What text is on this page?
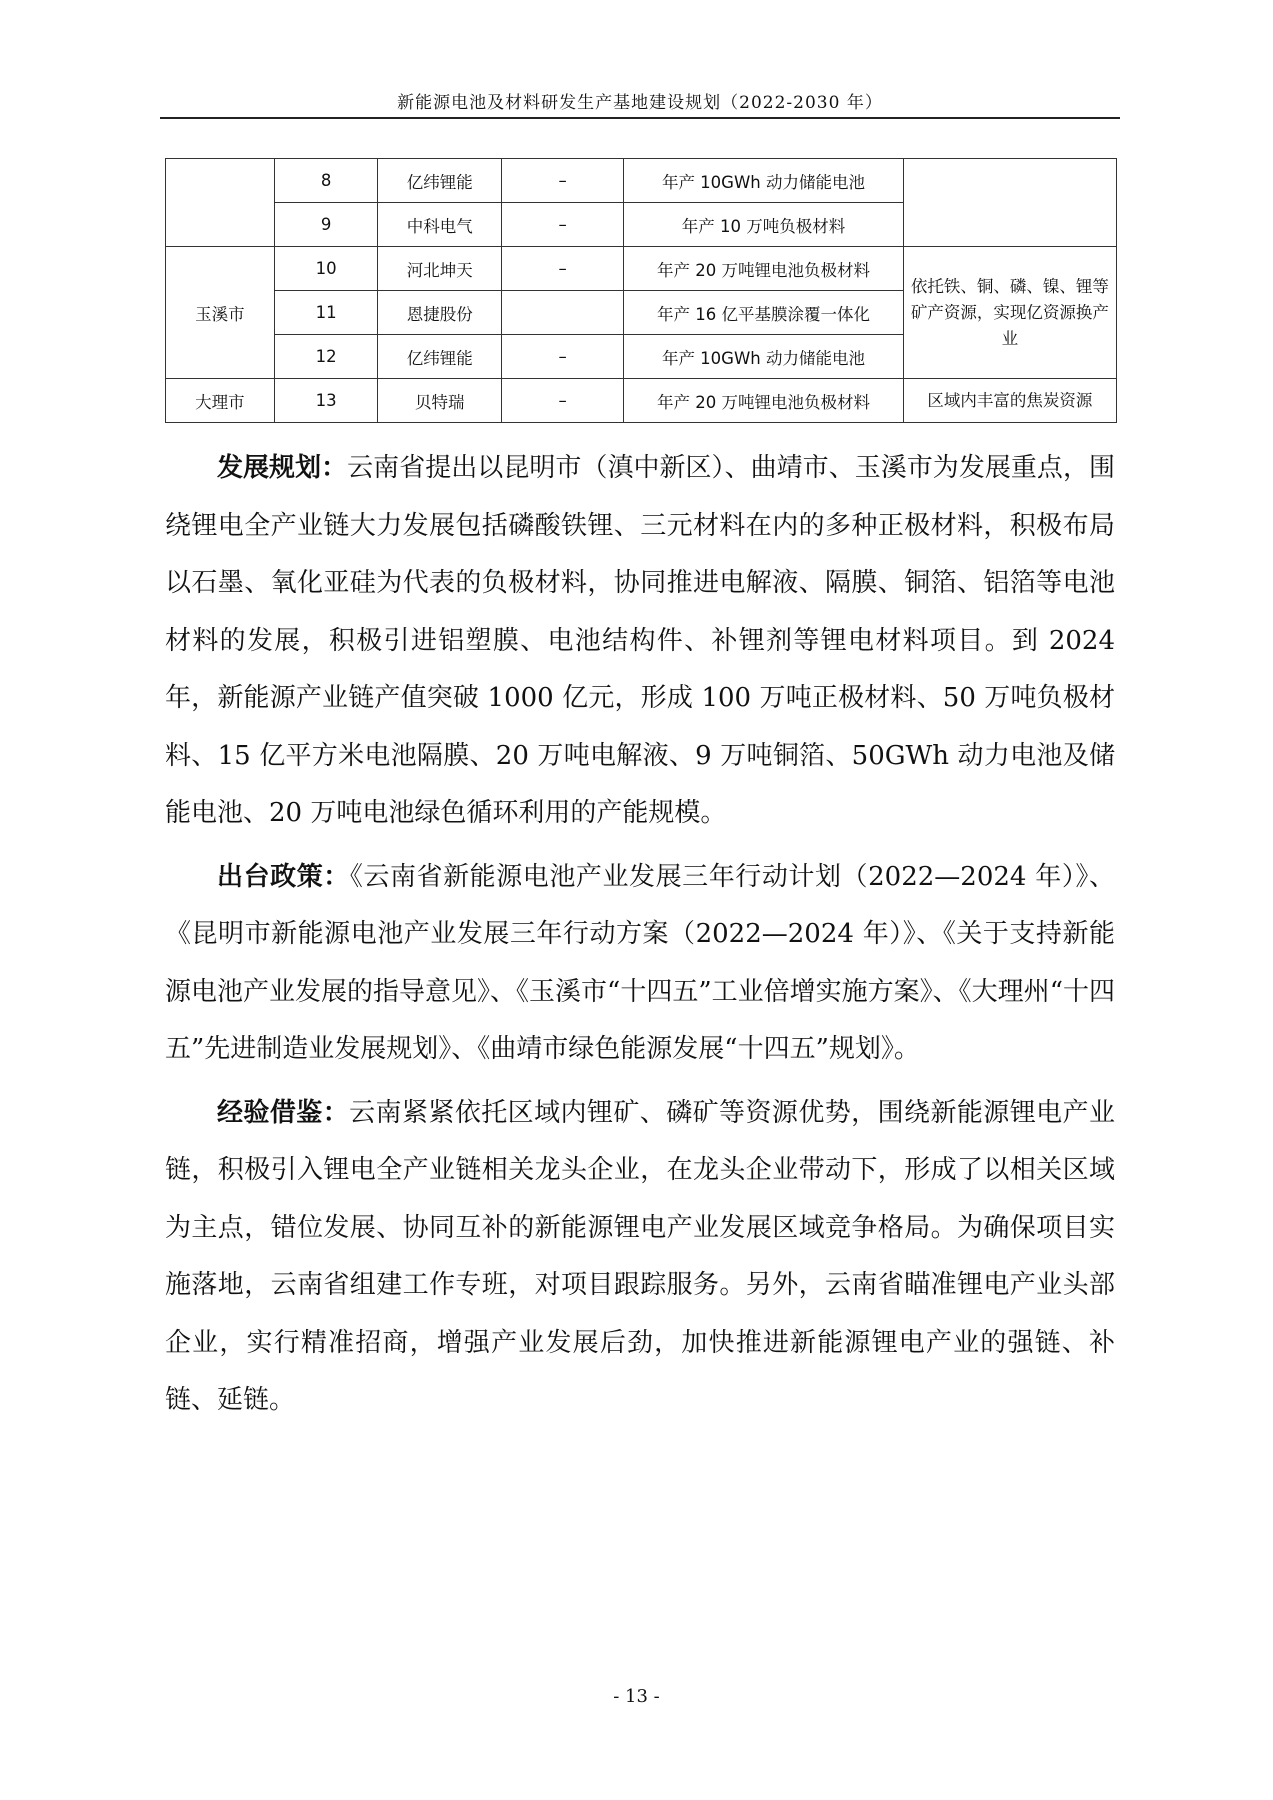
新能源电池及材料研发生产基地建设规划（2022-2030 年）
	8	亿纬锂能	–	年产 10GWh 动力储能电池	
	9	中科电气	–	年产 10 万吨负极材料	
玉溪市	10	河北坤天	–	年产 20 万吨锂电池负极材料	依托铁、铜、磷、镍、锂等矿产资源，实现亿资源换产业
	11	恩捷股份		年产 16 亿平基膜涂覆一体化	
	12	亿纬锂能	–	年产 10GWh 动力储能电池	
大理市	13	贝特瑞	–	年产 20 万吨锂电池负极材料	区域内丰富的焦炭资源

发展规划：云南省提出以昆明市（滇中新区）、曲靖市、玉溪市为发展重点，围绕锂电全产业链大力发展包括磷酸铁锂、三元材料在内的多种正极材料，积极布局以石墨、氧化亚硅为代表的负极材料，协同推进电解液、隔膜、铜箔、铝箔等电池材料的发展，积极引进铝塑膜、电池结构件、补锂剂等锂电材料项目。到 2024 年，新能源产业链产值突破 1000 亿元，形成 100 万吨正极材料、50 万吨负极材料、15 亿平方米电池隔膜、20 万吨电解液、9 万吨铜箔、50GWh 动力电池及储能电池、20 万吨电池绿色循环利用的产能规模。

出台政策：《云南省新能源电池产业发展三年行动计划（2022—2024 年）》、《昆明市新能源电池产业发展三年行动方案（2022—2024 年）》、《关于支持新能源电池产业发展的指导意见》、《玉溪市“十四五”工业倍增实施方案》、《大理州“十四五”先进制造业发展规划》、《曲靖市绿色能源发展“十四五”规划》。

经验借鉴：云南紧紧依托区域内锂矿、磷矿等资源优势，围绕新能源锂电产业链，积极引入锂电全产业链相关龙头企业，在龙头企业带动下，形成了以相关区域为主点，错位发展、协同互补的新能源锂电产业发展区域竞争格局。为确保项目实施落地，云南省组建工作专班，对项目跟踪服务。另外，云南省瞄准锂电产业头部企业，实行精准招商，增强产业发展后劲，加快推进新能源锂电产业的强链、补链、延链。

- 13 -
